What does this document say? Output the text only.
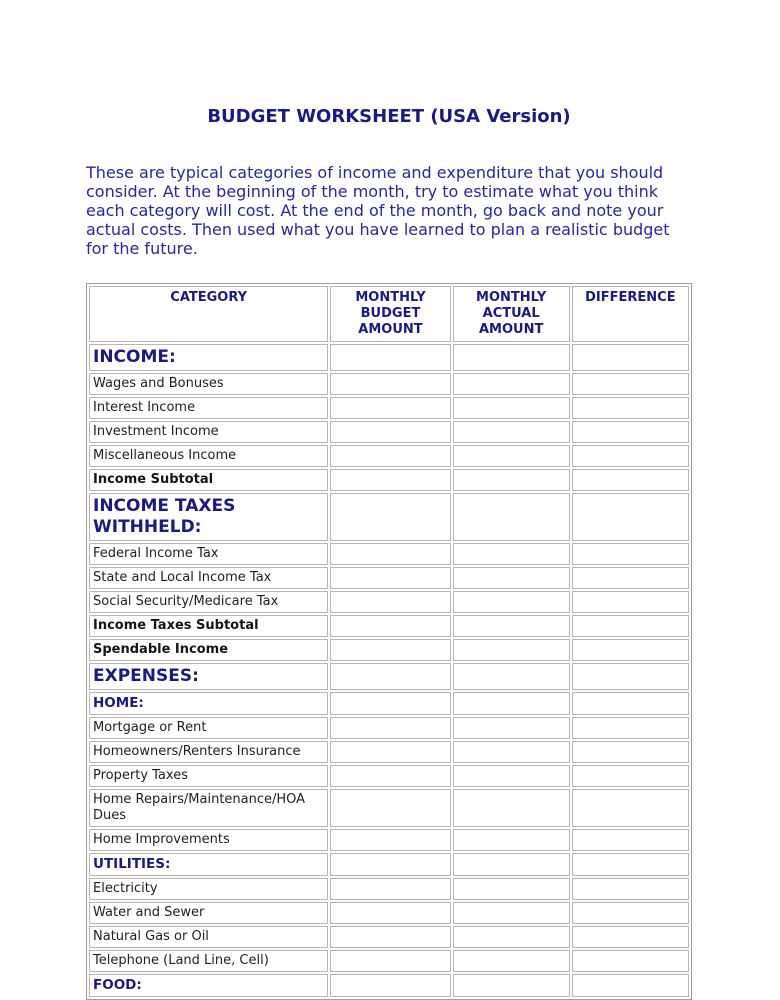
BUDGET WORKSHEET (USA Version)

These are typical categories of income and expenditure that you should consider. At the beginning of the month, try to estimate what you think each category will cost. At the end of the month, go back and note your actual costs. Then used what you have learned to plan a realistic budget for the future.

CATEGORY	MONTHLY BUDGET AMOUNT	MONTHLY ACTUAL AMOUNT	DIFFERENCE
INCOME:			
Wages and Bonuses			
Interest Income			
Investment Income			
Miscellaneous Income			
Income Subtotal			
INCOME TAXES WITHHELD:			
Federal Income Tax			
State and Local Income Tax			
Social Security/Medicare Tax			
Income Taxes Subtotal			
Spendable Income			
EXPENSES:			
HOME:			
Mortgage or Rent			
Homeowners/Renters Insurance			
Property Taxes			
Home Repairs/Maintenance/HOA Dues			
Home Improvements			
UTILITIES:			
Electricity			
Water and Sewer			
Natural Gas or Oil			
Telephone (Land Line, Cell)			
FOOD:			
